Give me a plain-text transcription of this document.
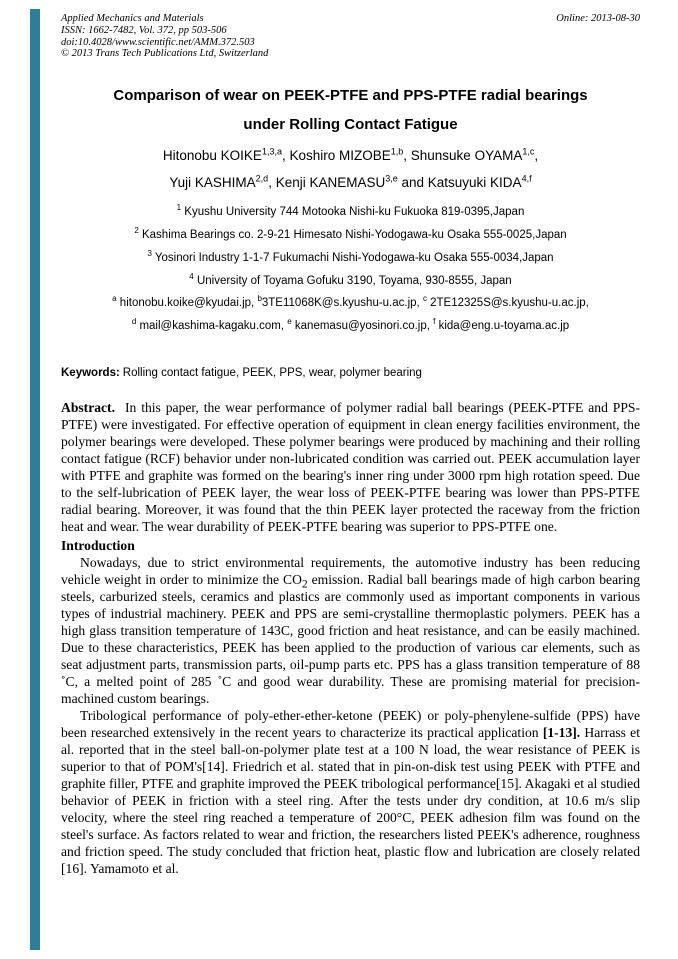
Applied Mechanics and Materials
ISSN: 1662-7482, Vol. 372, pp 503-506
doi:10.4028/www.scientific.net/AMM.372.503
© 2013 Trans Tech Publications Ltd, Switzerland
Online: 2013-08-30
Comparison of wear on PEEK-PTFE and PPS-PTFE radial bearings
under Rolling Contact Fatigue
Hitonobu KOIKE$^{1,3,a}$, Koshiro MIZOBE$^{1,b}$, Shunsuke OYAMA$^{1,c}$,
Yuji KASHIMA$^{2,d}$, Kenji KANEMASU$^{3,e}$ and Katsuyuki KIDA$^{4,f}$
$^1$ Kyushu University 744 Motooka Nishi-ku Fukuoka 819-0395,Japan
$^2$ Kashima Bearings co. 2-9-21 Himesato Nishi-Yodogawa-ku Osaka 555-0025,Japan
$^3$ Yosinori Industry 1-1-7 Fukumachi Nishi-Yodogawa-ku Osaka 555-0034,Japan
$^4$ University of Toyama Gofuku 3190, Toyama, 930-8555, Japan
$^a$ hitonobu.koike@kyudai.jp, $^b$3TE11068K@s.kyushu-u.ac.jp, $^c$ 2TE12325S@s.kyushu-u.ac.jp,
$^d$ mail@kashima-kagaku.com, $^e$ kanemasu@yosinori.co.jp, $^f$ kida@eng.u-toyama.ac.jp
Keywords: Rolling contact fatigue, PEEK, PPS, wear, polymer bearing

Abstract. In this paper, the wear performance of polymer radial ball bearings (PEEK-PTFE and PPS-PTFE) were investigated. For effective operation of equipment in clean energy facilities environment, the polymer bearings were developed. These polymer bearings were produced by machining and their rolling contact fatigue (RCF) behavior under non-lubricated condition was carried out. PEEK accumulation layer with PTFE and graphite was formed on the bearing's inner ring under 3000 rpm high rotation speed. Due to the self-lubrication of PEEK layer, the wear loss of PEEK-PTFE bearing was lower than PPS-PTFE radial bearing. Moreover, it was found that the thin PEEK layer protected the raceway from the friction heat and wear. The wear durability of PEEK-PTFE bearing was superior to PPS-PTFE one.

Introduction

Nowadays, due to strict environmental requirements, the automotive industry has been reducing vehicle weight in order to minimize the $CO_2$ emission. Radial ball bearings made of high carbon bearing steels, carburized steels, ceramics and plastics are commonly used as important components in various types of industrial machinery. PEEK and PPS are semi-crystalline thermoplastic polymers. PEEK has a high glass transition temperature of 143C, good friction and heat resistance, and can be easily machined. Due to these characteristics, PEEK has been applied to the production of various car elements, such as seat adjustment parts, transmission parts, oil-pump parts etc. PPS has a glass transition temperature of 88 ˚C, a melted point of 285 ˚C and good wear durability. These are promising material for precision-machined custom bearings.

Tribological performance of poly-ether-ether-ketone (PEEK) or poly-phenylene-sulfide (PPS) have been researched extensively in the recent years to characterize its practical application [1-13]. Harrass et al. reported that in the steel ball-on-polymer plate test at a 100 N load, the wear resistance of PEEK is superior to that of POM's[14]. Friedrich et al. stated that in pin-on-disk test using PEEK with PTFE and graphite filler, PTFE and graphite improved the PEEK tribological performance[15]. Akagaki et al studied behavior of PEEK in friction with a steel ring. After the tests under dry condition, at 10.6 m/s slip velocity, where the steel ring reached a temperature of 200°C, PEEK adhesion film was found on the steel's surface. As factors related to wear and friction, the researchers listed PEEK's adherence, roughness and friction speed. The study concluded that friction heat, plastic flow and lubrication are closely related [16]. Yamamoto et al.
